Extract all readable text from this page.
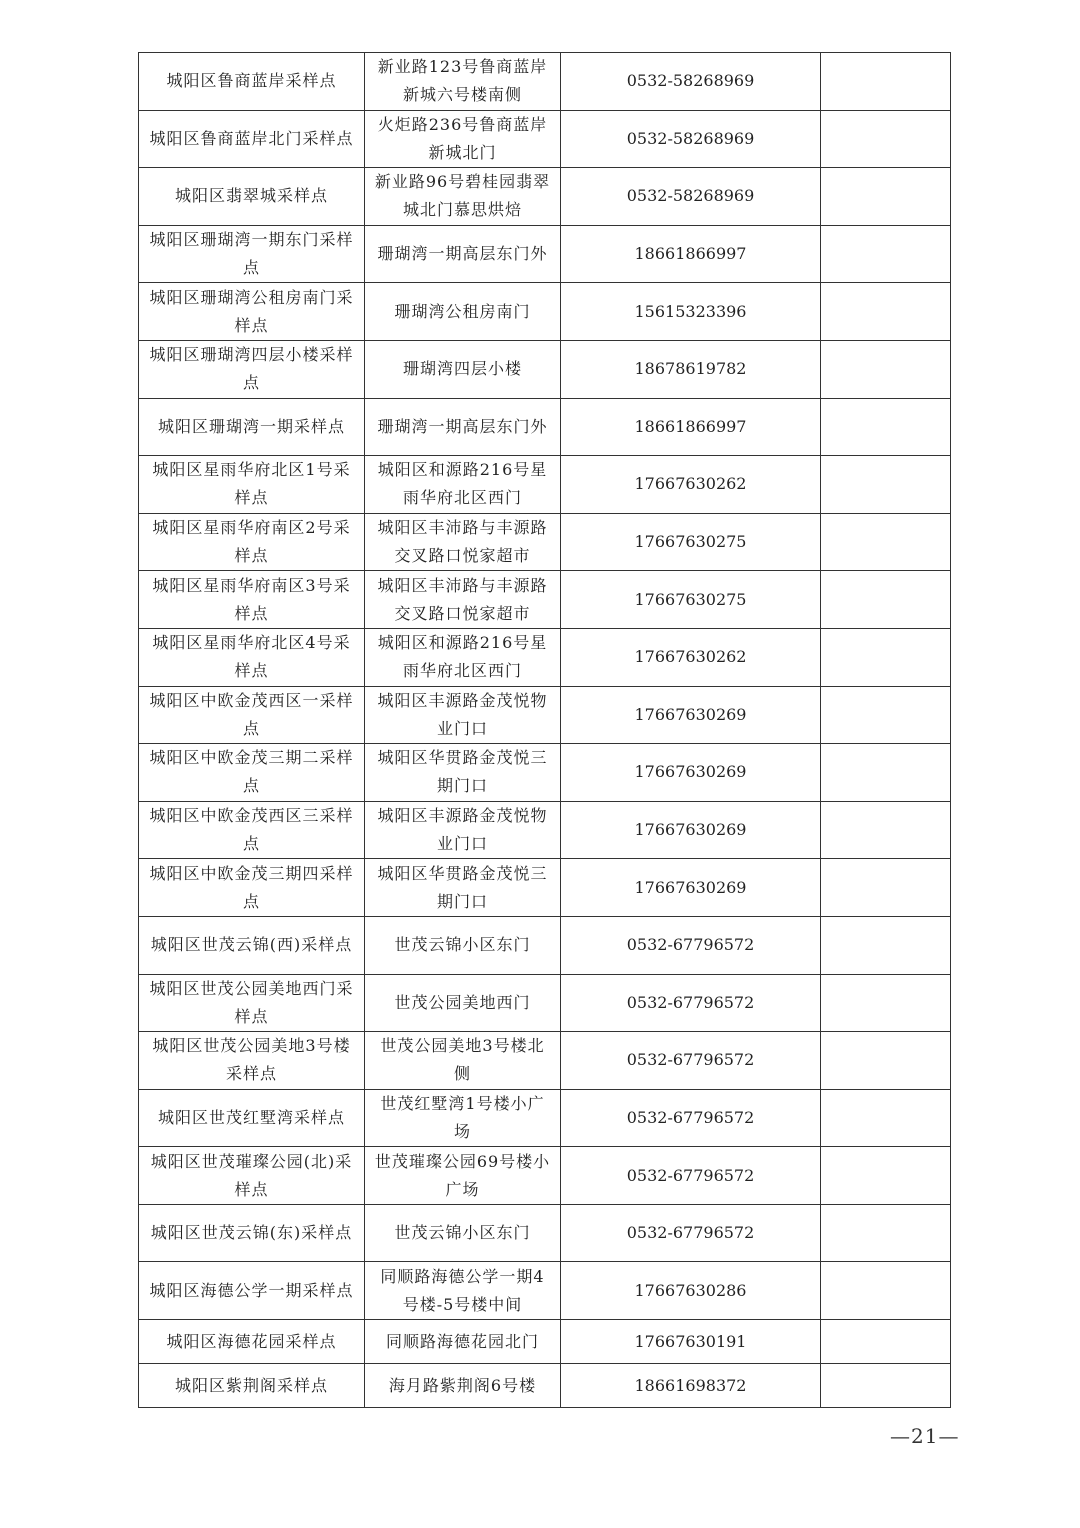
城阳区鲁商蓝岸采样点	新业路123号鲁商蓝岸新城六号楼南侧	0532-58268969	
城阳区鲁商蓝岸北门采样点	火炬路236号鲁商蓝岸新城北门	0532-58268969	
城阳区翡翠城采样点	新业路96号碧桂园翡翠城北门慕思烘焙	0532-58268969	
城阳区珊瑚湾一期东门采样点	珊瑚湾一期高层东门外	18661866997	
城阳区珊瑚湾公租房南门采样点	珊瑚湾公租房南门	15615323396	
城阳区珊瑚湾四层小楼采样点	珊瑚湾四层小楼	18678619782	
城阳区珊瑚湾一期采样点	珊瑚湾一期高层东门外	18661866997	
城阳区星雨华府北区1号采样点	城阳区和源路216号星雨华府北区西门	17667630262	
城阳区星雨华府南区2号采样点	城阳区丰沛路与丰源路交叉路口悦家超市	17667630275	
城阳区星雨华府南区3号采样点	城阳区丰沛路与丰源路交叉路口悦家超市	17667630275	
城阳区星雨华府北区4号采样点	城阳区和源路216号星雨华府北区西门	17667630262	
城阳区中欧金茂西区一采样点	城阳区丰源路金茂悦物业门口	17667630269	
城阳区中欧金茂三期二采样点	城阳区华贯路金茂悦三期门口	17667630269	
城阳区中欧金茂西区三采样点	城阳区丰源路金茂悦物业门口	17667630269	
城阳区中欧金茂三期四采样点	城阳区华贯路金茂悦三期门口	17667630269	
城阳区世茂云锦(西)采样点	世茂云锦小区东门	0532-67796572	
城阳区世茂公园美地西门采样点	世茂公园美地西门	0532-67796572	
城阳区世茂公园美地3号楼采样点	世茂公园美地3号楼北侧	0532-67796572	
城阳区世茂红墅湾采样点	世茂红墅湾1号楼小广场	0532-67796572	
城阳区世茂璀璨公园(北)采样点	世茂璀璨公园69号楼小广场	0532-67796572	
城阳区世茂云锦(东)采样点	世茂云锦小区东门	0532-67796572	
城阳区海德公学一期采样点	同顺路海德公学一期4号楼-5号楼中间	17667630286	
城阳区海德花园采样点	同顺路海德花园北门	17667630191	
城阳区紫荆阁采样点	海月路紫荆阁6号楼	18661698372	
—21—
